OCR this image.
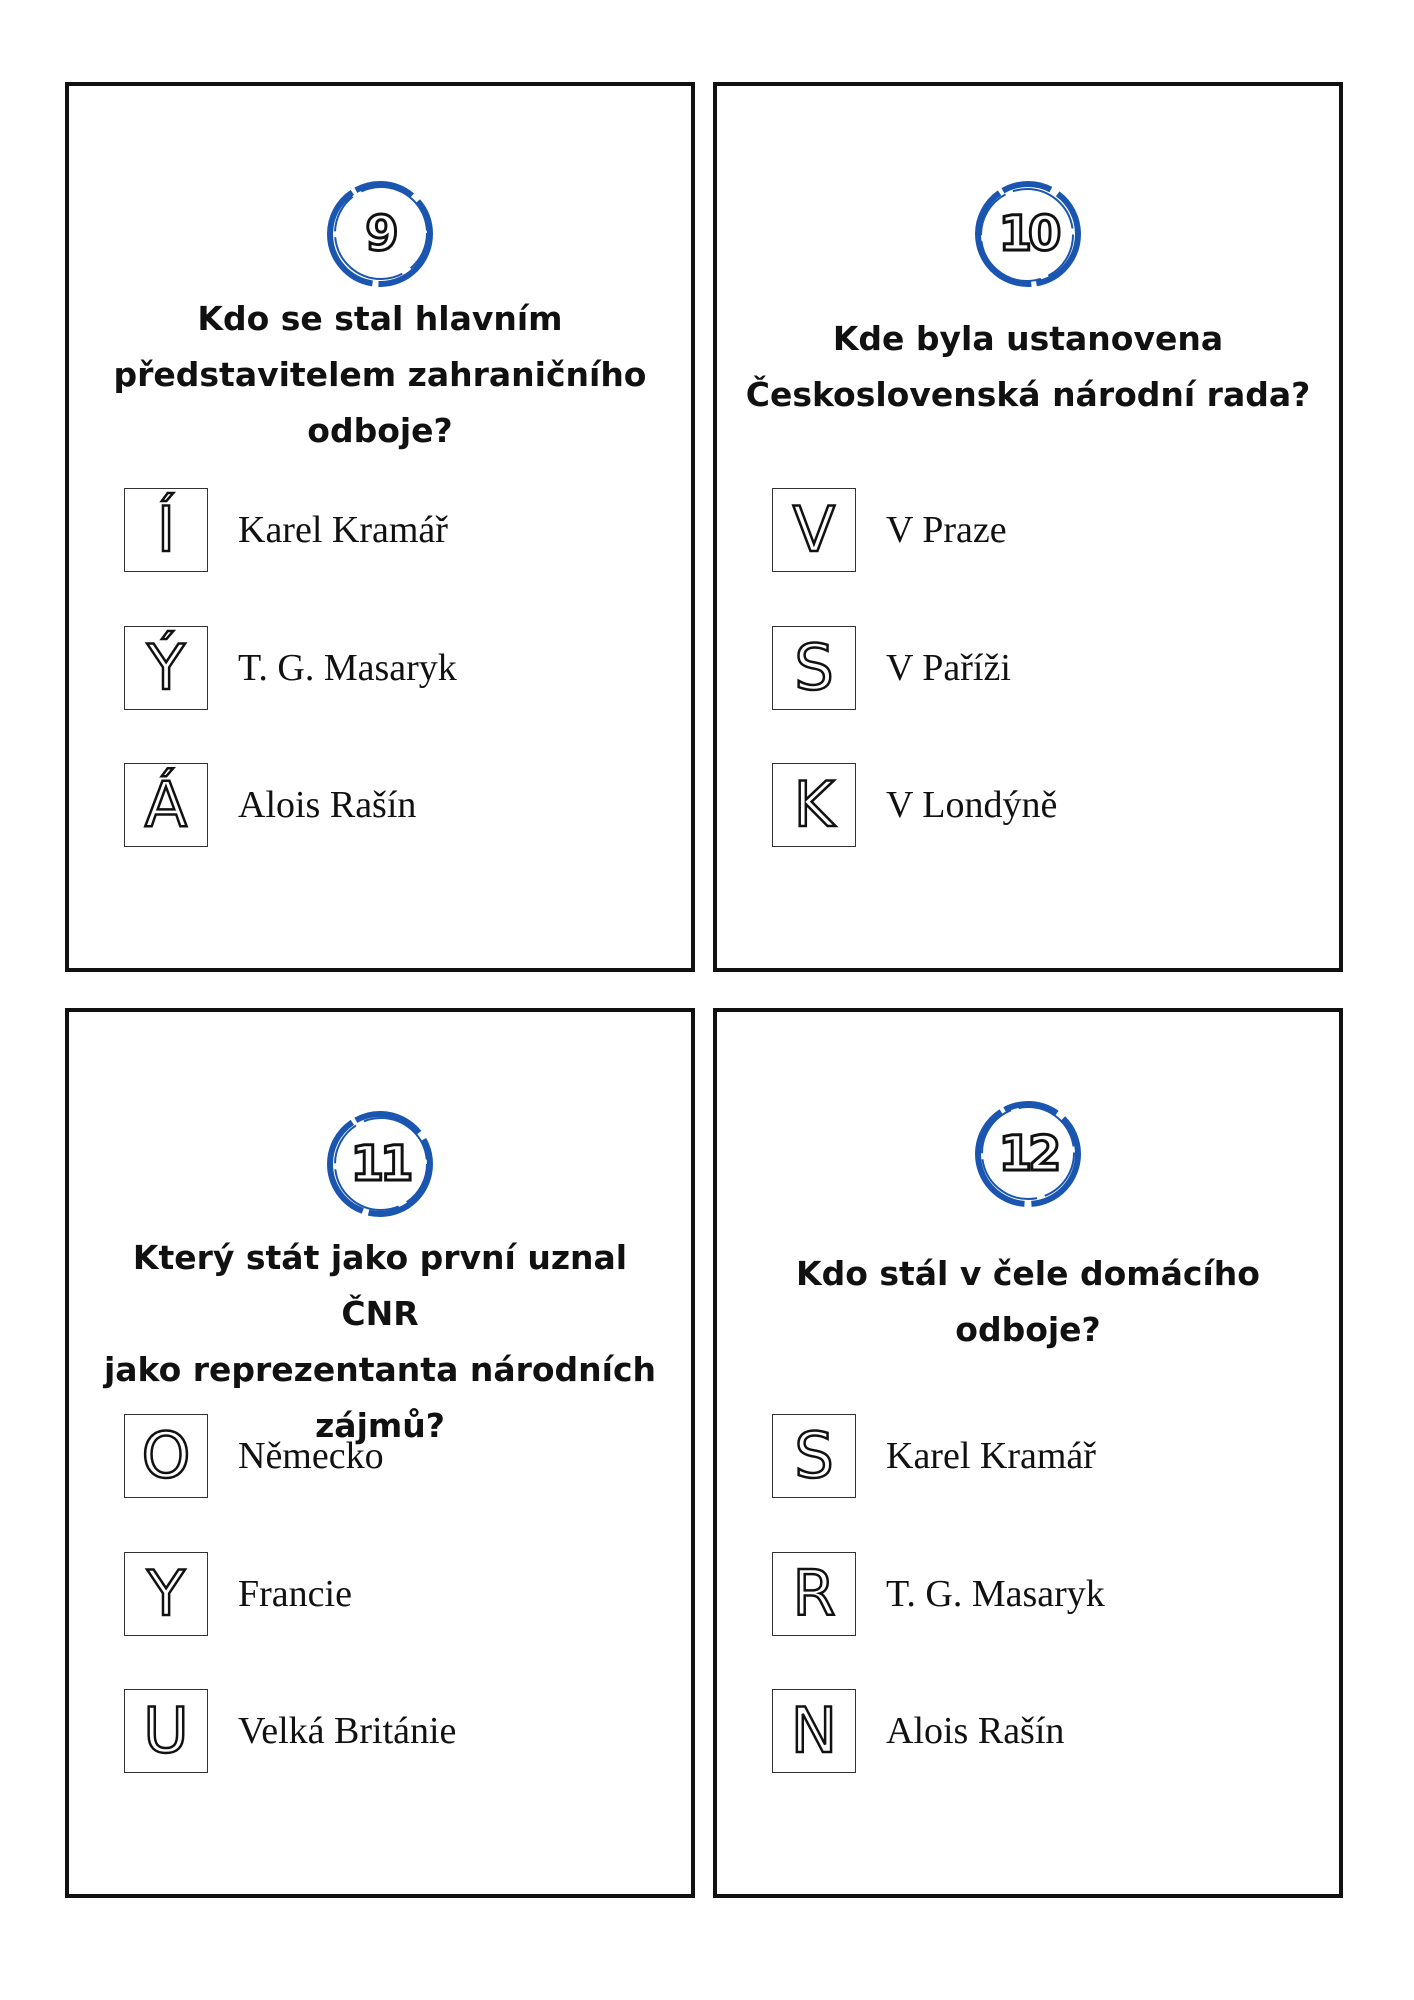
9
Kdo se stal hlavním
představitelem zahraničního
odboje?
Í Karel Kramář
Ý T. G. Masaryk
Á Alois Rašín
10
Kde byla ustanovena
Československá národní rada?
V V Praze
S V Paříži
K V Londýně
11
Který stát jako první uznal ČNR
jako reprezentanta národních
zájmů?
O Německo
Y Francie
U Velká Británie
12
Kdo stál v čele domácího
odboje?
S Karel Kramář
R T. G. Masaryk
N Alois Rašín
